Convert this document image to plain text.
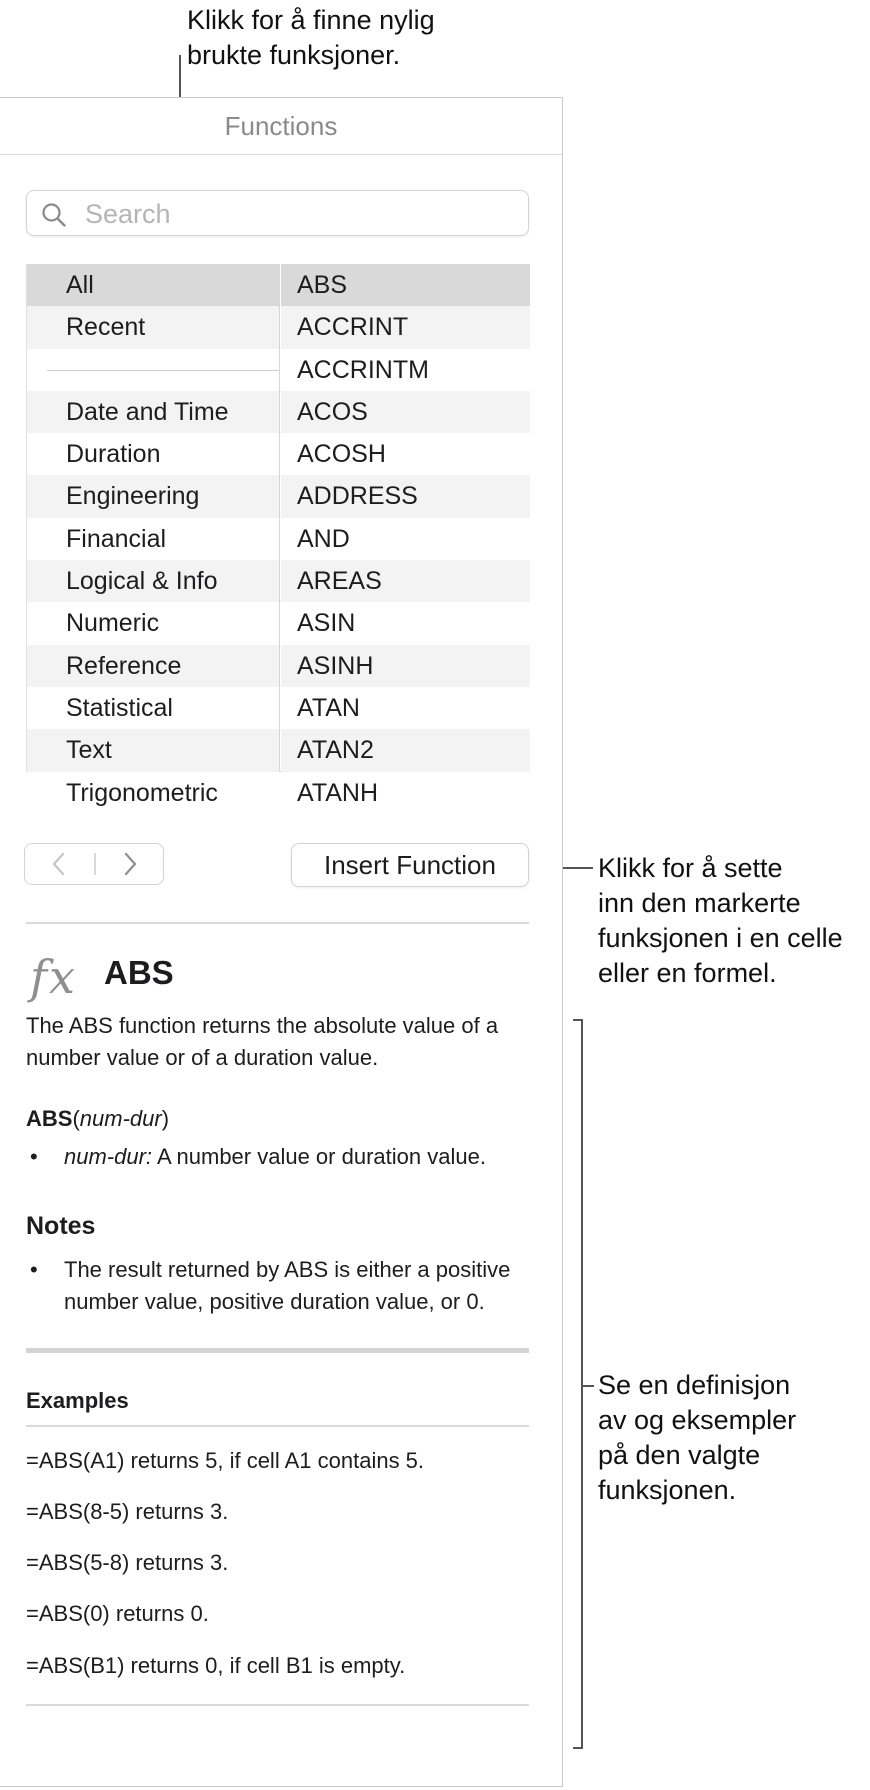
Klikk for å finne nylig
brukte funksjoner.
Klikk for å sette
inn den markerte
funksjonen i en celle
eller en formel.
Se en definisjon
av og eksempler
på den valgte
funksjonen.
Functions
Search
All
Recent
Date and Time
Duration
Engineering
Financial
Logical & Info
Numeric
Reference
Statistical
Text
Trigonometric
ABS
ACCRINT
ACCRINTM
ACOS
ACOSH
ADDRESS
AND
AREAS
ASIN
ASINH
ATAN
ATAN2
ATANH
Insert Function
fx ABS
The ABS function returns the absolute value of a number value or of a duration value.
ABS(num-dur)
• num-dur: A number value or duration value.
Notes
• The result returned by ABS is either a positive number value, positive duration value, or 0.
Examples
=ABS(A1) returns 5, if cell A1 contains 5.
=ABS(8-5) returns 3.
=ABS(5-8) returns 3.
=ABS(0) returns 0.
=ABS(B1) returns 0, if cell B1 is empty.
